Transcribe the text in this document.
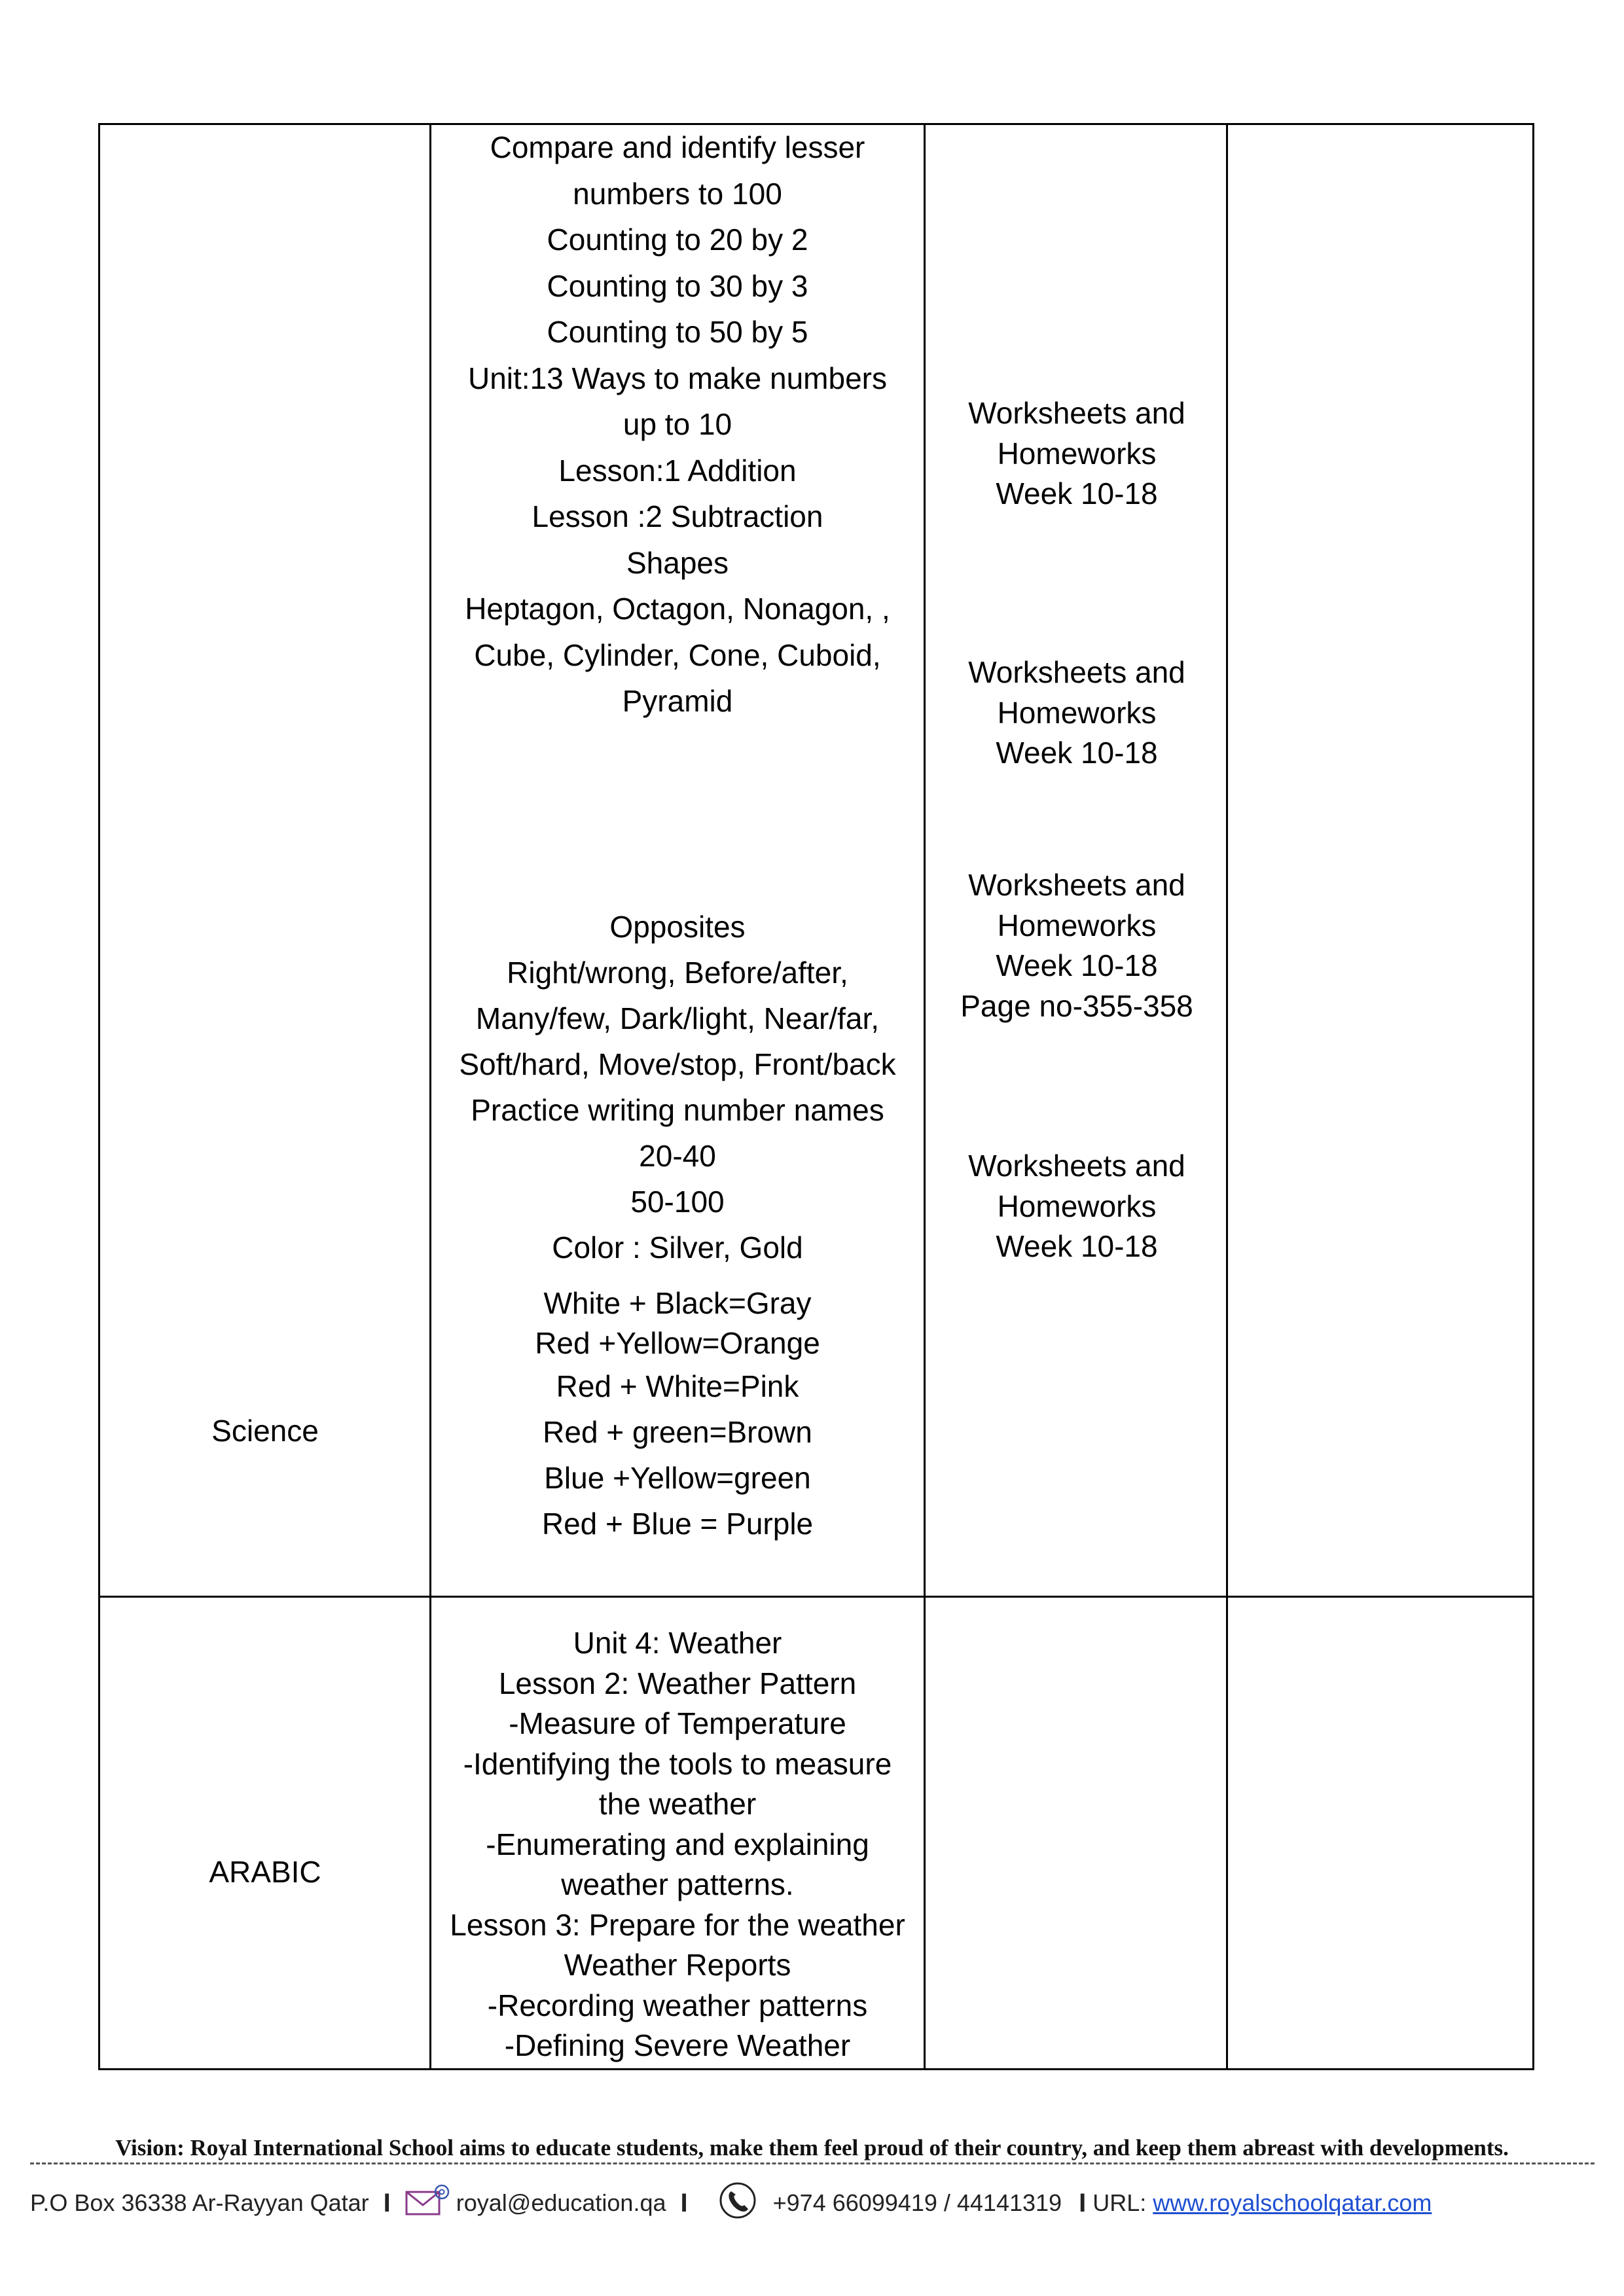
Science
Compare and identify lesser
numbers to 100
Counting to 20 by 2
Counting to 30 by 3
Counting to 50 by 5
Unit:13 Ways to make numbers
up to 10
Lesson:1 Addition
Lesson :2 Subtraction
Shapes
Heptagon, Octagon, Nonagon, ,
Cube, Cylinder, Cone, Cuboid,
Pyramid
Opposites
Right/wrong, Before/after,
Many/few, Dark/light, Near/far,
Soft/hard, Move/stop, Front/back
Practice writing number names
20-40
50-100
Color : Silver, Gold
White + Black=Gray
Red +Yellow=Orange
Red + White=Pink
Red + green=Brown
Blue +Yellow=green
Red + Blue = Purple
Worksheets and
Homeworks
Week 10-18
Worksheets and
Homeworks
Week 10-18
Worksheets and
Homeworks
Week 10-18
Page no-355-358
Worksheets and
Homeworks
Week 10-18
ARABIC
Unit 4: Weather
Lesson 2: Weather Pattern
-Measure of Temperature
-Identifying the tools to measure
the weather
-Enumerating and explaining
weather patterns.
Lesson 3: Prepare for the weather
Weather Reports
-Recording weather patterns
-Defining Severe Weather
Vision: Royal International School aims to educate students, make them feel proud of their country, and keep them abreast with developments.
P.O Box 36338 Ar-Rayyan Qatar I	royal@education.qa I	+974 66099419 / 44141319 I URL: www.royalschoolqatar.com
